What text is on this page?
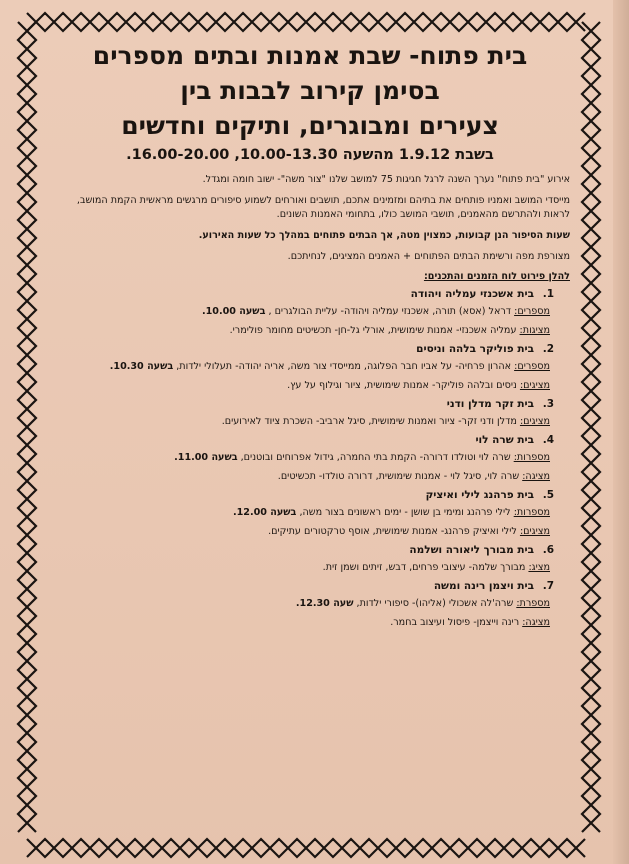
בית פתוח- שבת אמנות ובתים מספרים
בסימן קירוב לבבות בין
צעירים ומבוגרים, ותיקים וחדשים
בשבת 1.9.12 מהשעה 10.00-13.30, 16.00-20.00.

אירוע "בית פתוח" נערך השנה לרגל חגיגות 75 למושב שלנו "צור משה"- ישוב חומה ומגדל.

מייסדי המושב ואמניו פותחים את בתיהם ומזמינים אתכם, תושבים ואורחים לשמוע סיפורים מרגשים מראשית הקמת המושב, לראות ולהתרשם מהאמנים, תושבי המושב כולו, בתחומי האמנות השונים.

שעות הסיפור הנן קבועות, כמצוין מטה, אך הבתים פתוחים במהלך כל שעות האירוע.

מצורפת מפה ורשימת הבתים הפתוחים + האמנים המציגים, לנחיתכם.

להלן פירוט לוח הזמנים והתכנים:
1.בית אשכנזי עמליה ויהודה
מספרים: דראל (אסא) תורה, אשכנזי עמליה ויהודה- עליית הבולגרים , בשעה 10.00.
מציגות: עמליה אשכנזי- אמנות שימושית, אורלי גל-חן- תכשיטים מחומר פולימרי.
2.בית פוליקר בלהה וניסים
מספרים: אהרון פרחיה- על אביו חבר הפלוגה, ממייסדי צור משה, אריה יהודה- תעלולי ילדות, בשעה 10.30.
מציגים: ניסים ובלהה פוליקר- אמנות שימושית, ציור וגילוף על עץ.
3.בית זקר מדלן ודני
מציגים: מדלן ודני זקר- ציור ואמנות שימושית, סיגל ארביב- השכרת ציוד לאירועים.
4.בית שרה לוי
מספרות: שרה לוי וטולדו דרורה- הקמת בתי החמרה, גידול אפרוחים ובוטנים, בשעה 11.00.
מציגה: שרה לוי, סיגל לוי - אמנות שימושית, דרורה טולדו- תכשיטים.
5.בית פרהנג לילי ואיציק
מספרות: לילי פרהנג ומימי בן שושן - ימים ראשונים בצור משה, בשעה 12.00.
מציגים: לילי ואיציק פרהנג- אמנות שימושית, אוסף טרקטורים עתיקים.
6.בית מבורך ליאורה ושלמה
מציג: מבורך שלמה- עיצובי פרחים, דבש, זיתים ושמן זית.
7.בית ויצמן רינה ומשה
מספרת: שרה'לה אשכולי (אליהו)- סיפורי ילדות, שעה 12.30.
מציגה: רינה וייצמן- פיסול ועיצוב בחמר.
